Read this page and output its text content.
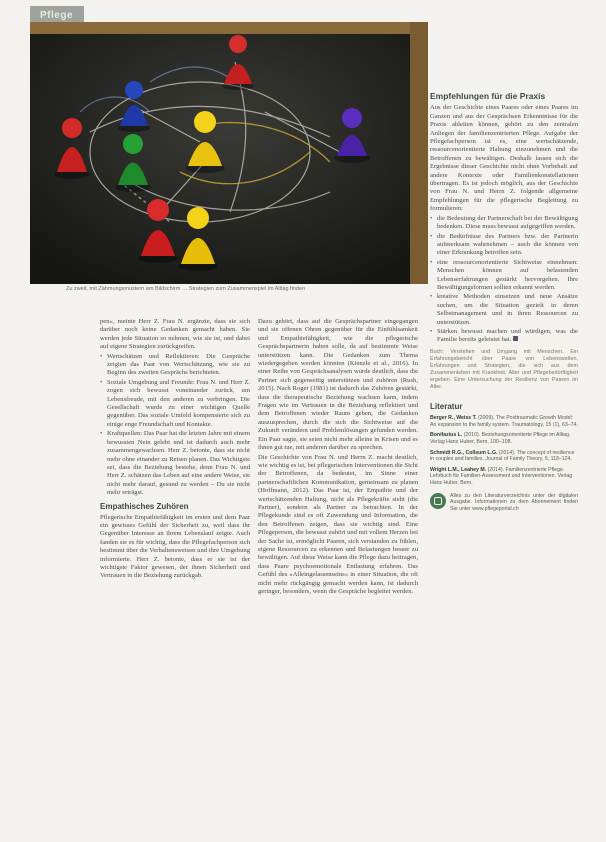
Pflege
Zu zweit, mit Zähmungsmustern am Bildschirm … Strategien zum Zusammenspiel im Alltag finden

pen«, meinte Herr Z. Frau N. ergänzte, dass sie sich darüber noch keine Gedanken gemacht haben. Sie werden jede Situation so nehmen, wie sie ist, und dabei auf eigene Strategien zurückgreifen.

• Wertschätzen und Reflektieren: Die Gespräche zeigten das Paar von Wertschätzung, wie sie zu Beginn des zweiten Gesprächs berichteten.
• Soziale Umgebung und Freunde: Frau N. und Herr Z. zogen sich bewusst voneinander zurück, um Lebensfreude, mit den anderen zu verbringen. Die Gesellschaft wurde zu einer wichtigen Quelle gegenüber. Das soziale Umfeld kompensierte sich zu einige enge Freundschaft und Kontakte.
• Kraftquellen: Das Paar hat die letzten Jahre mit einem bewussten Nein gelebt und ist dadurch auch mehr zusammengewachsen. Herr Z. betonte, dass sie nicht mehr ohne einander zu Reisen planen. Das Wichtigste sei, dass die Beziehung bestehe, denn Frau N. und Herr Z. schätzen das Leben auf eine andere Weise, sie nicht mehr darauf, gesund zu werden – Du sie nicht mehr erträgst.
Empathisches Zuhören

Pflegerische Empathiefähigkeit im ersten und dem Paar ein gewisses Gefühl der Sicherheit zu, weil dass ihr Gegenüber Interesse an ihrem Lebenslauf zeigte. Auch fanden sie es für wichtig, dass die Pflegefachperson sich bestimmt über die Verhaltensweisen und ihre Umgebung informierte. Herr Z. betonte, dass er sie ist der wichtigste Faktor gewesen, der ihnen Sicherheit und Vertrauen in die Beziehung zurückgab.

Dazu gehört, dass auf die Gesprächspartner eingegangen und sie offenen Ohren gegenüber für die Einfühlsamkeit und Empathiefähigkeit, wie die pflegerische Gesprächspartnerin haben solle, da auf bestimmte Weise unterstützen kann. Die Gedanken zum Thema wiedergegeben werden könnten (Kienzle et al., 2016). In einer Reihe von Gesprächsanalysen wurde deutlich, dass die Partner sich gegenseitig unterstützen und zuhören (Rush, 2015). Nach Roger (1981) ist dadurch das Zuhören gestärkt, dass die therapeutische Beziehung wachsen kann, indem Fragen wie im Vertrauen in die Beziehung reflektiert und dem Betroffenen wieder Raum geben, die Gedanken auszusprechen, durch die sich die Sichtweise auf die Zukunft verändern und Problemlösungen gefunden werden. Ein Paar sagte, sie seien nicht mehr alleine in Krisen und es ihnen gut tue, mit anderen darüber zu sprechen.

Die Geschichte von Frau N. und Herrn Z. macht deutlich, wie wichtig es ist, bei pflegerischen Interventionen die Sicht der Betroffenen, da bedeutet, im Sinne einer partnerschaftlichen Kommunikation, gemeinsam zu planen (Hoffmann, 2012). Das Paar ist, der Empathie und der wertschätzenden Haltung, nicht als Pflegekräfte sieht (die Partner), sondern als Partner zu betrachten. In der Pflegekunde sind es oft Zuwendung und Information, die den Betroffenen zeigen, dass sie wichtig sind. Eine Pflegeperson, die bewusst zuhört und mit vollem Herzen bei der Sache ist, ermöglicht Paaren, sich verstanden zu fühlen, eigene Ressourcen zu erkennen und Belastungen besser zu bewältigen. Auf diese Weise kann die Pflege dazu beitragen, dass Paare psychoemotionale Entlastung erfahren. Das Gefühl des »Alleingelassenseins« in einer Situation, die oft nicht mehr rückgängig gemacht werden kann, ist dadurch geringer, besonders, wenn die Gespräche begleitet werden.

Empfehlungen für die Praxis

Aus der Geschichte eines Paares oder eines Paares im Ganzen und aus der Gesprächsen Erkenntnisse für die Praxis ableiten können, gehört zu den zentralen Anliegen der familienzentrierten Pflege. Aufgabe der Pflegefachperson ist es, eine wertschätzende, ressourcenorientierte Haltung einzunehmen und die Betroffenen zu bewältigen. Deshalb lassen sich die Ergebnisse dieser Geschichte nicht ohne Vorbehalt auf andere Kontexte oder Familienkonstellationen übertragen. Es ist jedoch möglich, aus der Geschichte von Frau N. und Herrn Z. folgende allgemeine Empfehlungen für die pflegerische Begleitung zu formulieren:

• die Bedeutung der Partnerschaft bei der Bewältigung bedenken. Diese muss bewusst aufgegriffen werden.
• die Bedürfnisse des Partners bzw. der Partnerin aufmerksam wahrnehmen – auch die können von einer Erkrankung betroffen sein.
• eine ressourcenorientierte Sichtweise einnehmen: Menschen können auf belastenden Lebenserfahrungen gestärkt hervorgehen. Ihre Bewältigungsformen sollten erkannt werden.
• kreative Methoden einsetzen und neue Ansätze suchen, um die Situation gezielt in deren Selbstmanagement und in ihren Ressourcen zu unterstützen.
• Stärken bewusst machen und würdigen, was die Familie bereits geleistet hat.
Buch: Verstehen und Umgang mit Menschen. Ein Erfahrungsbericht über Paare von Lebenswelten, Erfahrungen und Strategien, die sich aus dem Zusammenleben mit Krankheit, Alter und Pflegebedürftigkeit ergeben. Eine Untersuchung der Resilienz von Paaren im Alter.
Literatur
Berger R., Weiss T. (2009). The Posttraumatic Growth Model: An expansion to the family system. Traumatology, 15 (1), 63–74.
Bonifazius L. (2010). Beziehungsorientierte Pflege im Alltag. Verlag Hans Huber, Bern, 100–108.
Schmidt R.G., Collsum L.G. (2014). The concept of resilience in couples and families. Journal of Family Theory, 5, 118–124.
Wright L.M., Leahey M. (2014). Familienzentrierte Pflege. Lehrbuch für Familien-Assessment und Interventionen. Verlag Hans Huber, Bern.
Alles zu den Literaturverzeichnis unter der digitalen Ausgabe. Informationen zu dem Abonnement finden Sie unter www.pflegeportal.ch
